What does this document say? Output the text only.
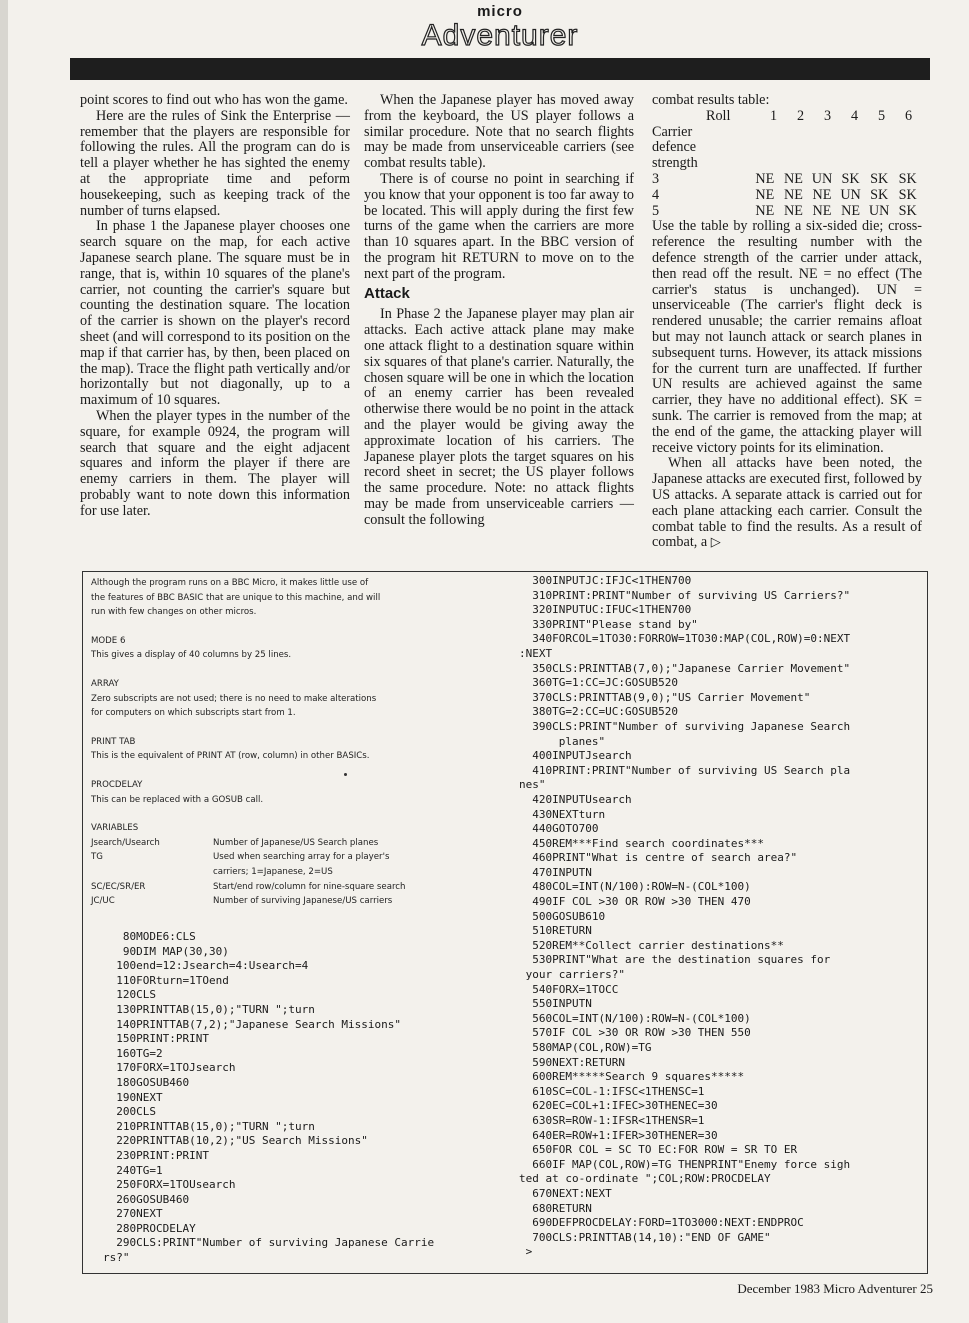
micro
Adventurer

point scores to find out who has won the game.

Here are the rules of Sink the Enterprise — remember that the players are responsible for following the rules. All the program can do is tell a player whether he has sighted the enemy at the appropriate time and peform housekeeping, such as keeping track of the number of turns elapsed.

In phase 1 the Japanese player chooses one search square on the map, for each active Japanese search plane. The square must be in range, that is, within 10 squares of the plane's carrier, not counting the carrier's square but counting the destination square. The location of the carrier is shown on the player's record sheet (and will correspond to its position on the map if that carrier has, by then, been placed on the map). Trace the flight path vertically and/or horizontally but not diagonally, up to a maximum of 10 squares.

When the player types in the number of the square, for example 0924, the program will search that square and the eight adjacent squares and inform the player if there are enemy carriers in them. The player will probably want to note down this information for use later.

When the Japanese player has moved away from the keyboard, the US player follows a similar procedure. Note that no search flights may be made from unserviceable carriers (see combat results table).

There is of course no point in searching if you know that your opponent is too far away to be located. This will apply during the first few turns of the game when the carriers are more than 10 squares apart. In the BBC version of the program hit RETURN to move on to the next part of the program.

Attack

In Phase 2 the Japanese player may plan air attacks. Each active attack plane may make one attack flight to a destination square within six squares of that plane's carrier. Naturally, the chosen square will be one in which the location of an enemy carrier has been revealed otherwise there would be no point in the attack and the player would be giving away the approximate location of his carriers. The Japanese player plots the target squares on his record sheet in secret; the US player follows the same procedure. Note: no attack flights may be made from unserviceable carriers — consult the following

combat results table:
Roll	1	2	3	4	5	6
Carrier
defence
strength
3	NE NE UN SK SK SK
4	NE NE NE UN SK SK
5	NE NE NE NE UN SK

Use the table by rolling a six-sided die; cross-reference the resulting number with the defence strength of the carrier under attack, then read off the result. NE = no effect (The carrier's status is unchanged). UN = unserviceable (The carrier's flight deck is rendered unusable; the carrier remains afloat but may not launch attack or search planes in subsequent turns. However, its attack missions for the current turn are unaffected. If further UN results are achieved against the same carrier, they have no additional effect). SK = sunk. The carrier is removed from the map; at the end of the game, the attacking player will receive victory points for its elimination.

When all attacks have been noted, the Japanese attacks are executed first, followed by US attacks. A separate attack is carried out for each plane attacking each carrier. Consult the combat table to find the results. As a result of combat, a ▷

Although the program runs on a BBC Micro, it makes little use of
the features of BBC BASIC that are unique to this machine, and will
run with few changes on other micros.
MODE 6
This gives a display of 40 columns by 25 lines.
ARRAY
Zero subscripts are not used; there is no need to make alterations
for computers on which subscripts start from 1.
PRINT TAB
This is the equivalent of PRINT AT (row, column) in other BASICs.
PROCDELAY
This can be replaced with a GOSUB call.
VARIABLES
Jsearch/Usearch	Number of Japanese/US Search planes
TG	Used when searching array for a player's
carriers; 1=Japanese, 2=US
SC/EC/SR/ER	Start/end row/column for nine-square search
JC/UC	Number of surviving Japanese/US carriers
80MODE6:CLS
90DIM MAP(30,30)
100end=12:Jsearch=4:Usearch=4
110FORturn=1TOend
120CLS
130PRINTTAB(15,0);"TURN ";turn
140PRINTTAB(7,2);"Japanese Search Missions"
150PRINT:PRINT
160TG=2
170FORX=1TOJsearch
180GOSUB460
190NEXT
200CLS
210PRINTTAB(15,0);"TURN ";turn
220PRINTTAB(10,2);"US Search Missions"
230PRINT:PRINT
240TG=1
250FORX=1TOUsearch
260GOSUB460
270NEXT
280PROCDELAY
290CLS:PRINT"Number of surviving Japanese Carrie
rs?"
300INPUTJC:IFJC<1THEN700
310PRINT:PRINT"Number of surviving US Carriers?"
320INPUTUC:IFUC<1THEN700
330PRINT"Please stand by"
340FORCOL=1TO30:FORROW=1TO30:MAP(COL,ROW)=0:NEXT
:NEXT
350CLS:PRINTTAB(7,0);"Japanese Carrier Movement"
360TG=1:CC=JC:GOSUB520
370CLS:PRINTTAB(9,0);"US Carrier Movement"
380TG=2:CC=UC:GOSUB520
390CLS:PRINT"Number of surviving Japanese Search
planes"
400INPUTJsearch
410PRINT:PRINT"Number of surviving US Search pla
nes"
420INPUTUsearch
430NEXTturn
440GOTO700
450REM***Find search coordinates***
460PRINT"What is centre of search area?"
470INPUTN
480COL=INT(N/100):ROW=N-(COL*100)
490IF COL >30 OR ROW >30 THEN 470
500GOSUB610
510RETURN
520REM**Collect carrier destinations**
530PRINT"What are the destination squares for
your carriers?"
540FORX=1TOCC
550INPUTN
560COL=INT(N/100):ROW=N-(COL*100)
570IF COL >30 OR ROW >30 THEN 550
580MAP(COL,ROW)=TG
590NEXT:RETURN
600REM*****Search 9 squares*****
610SC=COL-1:IFSC<1THENSC=1
620EC=COL+1:IFEC>30THENEC=30
630SR=ROW-1:IFSR<1THENSR=1
640ER=ROW+1:IFER>30THENER=30
650FOR COL = SC TO EC:FOR ROW = SR TO ER
660IF MAP(COL,ROW)=TG THENPRINT"Enemy force sigh
ted at co-ordinate ";COL;ROW:PROCDELAY
670NEXT:NEXT
680RETURN
690DEFPROCDELAY:FORD=1TO3000:NEXT:ENDPROC
700CLS:PRINTTAB(14,10):"END OF GAME"
>
December 1983 Micro Adventurer 25
